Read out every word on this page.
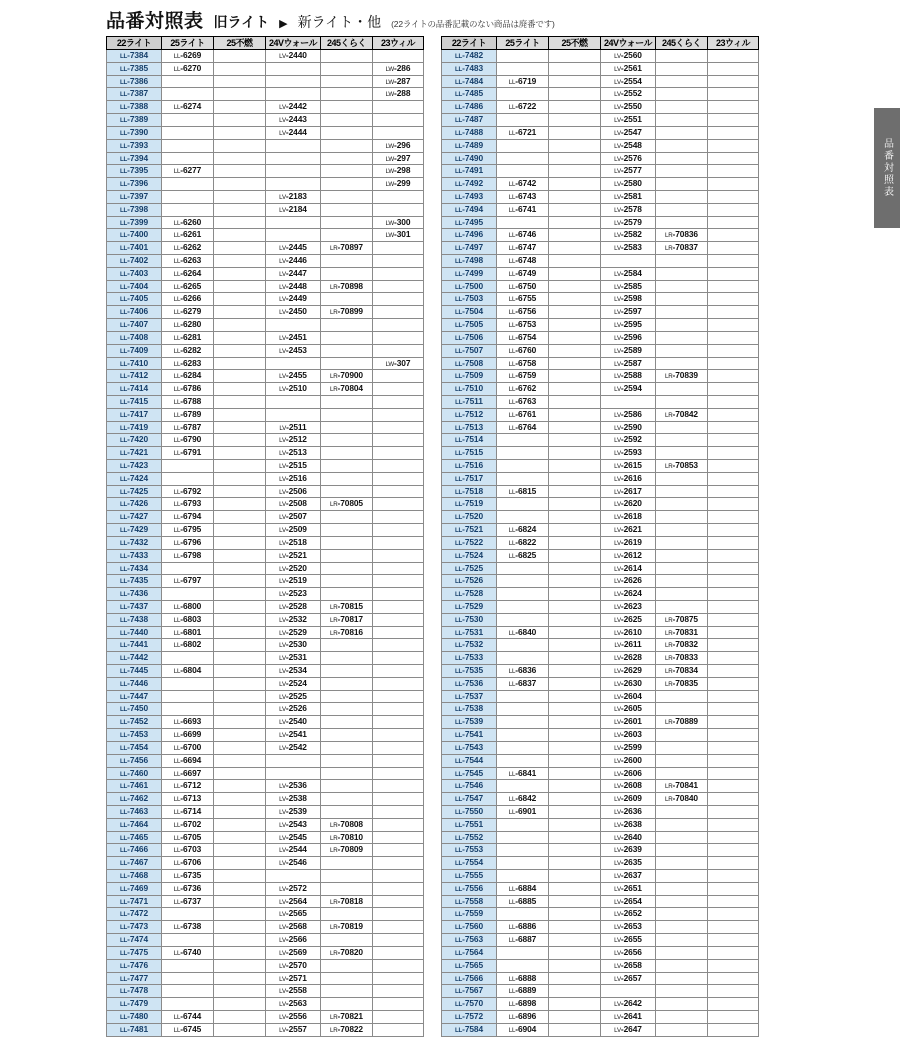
品番対照表 旧ライト ▶ 新ライト・他 (22ライトの品番記載のない商品は廃番です)
22ライト	25ライト	25不燃	24Vウォール	245くらく	23ウィル
LL-7384	LL-6269		LV-2440		
LL-7385	LL-6270				LW-286
LL-7386					LW-287
LL-7387					LW-288
LL-7388	LL-6274		LV-2442		
LL-7389			LV-2443		
LL-7390			LV-2444		
LL-7393					LW-296
LL-7394					LW-297
LL-7395	LL-6277				LW-298
LL-7396					LW-299
LL-7397			LV-2183		
LL-7398			LV-2184		
LL-7399	LL-6260				LW-300
LL-7400	LL-6261				LW-301
LL-7401	LL-6262		LV-2445	LR-70897	
LL-7402	LL-6263		LV-2446		
LL-7403	LL-6264		LV-2447		
LL-7404	LL-6265		LV-2448	LR-70898	
LL-7405	LL-6266		LV-2449		
LL-7406	LL-6279		LV-2450	LR-70899	
LL-7407	LL-6280				
LL-7408	LL-6281		LV-2451		
LL-7409	LL-6282		LV-2453		
LL-7410	LL-6283				LW-307
LL-7412	LL-6284		LV-2455	LR-70900	
LL-7414	LL-6786		LV-2510	LR-70804	
LL-7415	LL-6788				
LL-7417	LL-6789				
LL-7419	LL-6787		LV-2511		
LL-7420	LL-6790		LV-2512		
LL-7421	LL-6791		LV-2513		
LL-7423			LV-2515		
LL-7424			LV-2516		
LL-7425	LL-6792		LV-2506		
LL-7426	LL-6793		LV-2508	LR-70805	
LL-7427	LL-6794		LV-2507		
LL-7429	LL-6795		LV-2509		
LL-7432	LL-6796		LV-2518		
LL-7433	LL-6798		LV-2521		
LL-7434			LV-2520		
LL-7435	LL-6797		LV-2519		
LL-7436			LV-2523		
LL-7437	LL-6800		LV-2528	LR-70815	
LL-7438	LL-6803		LV-2532	LR-70817	
LL-7440	LL-6801		LV-2529	LR-70816	
LL-7441	LL-6802		LV-2530		
LL-7442			LV-2531		
LL-7445	LL-6804		LV-2534		
LL-7446			LV-2524		
LL-7447			LV-2525		
LL-7450			LV-2526		
LL-7452	LL-6693		LV-2540		
LL-7453	LL-6699		LV-2541		
LL-7454	LL-6700		LV-2542		
LL-7456	LL-6694				
LL-7460	LL-6697				
LL-7461	LL-6712		LV-2536		
LL-7462	LL-6713		LV-2538		
LL-7463	LL-6714		LV-2539		
LL-7464	LL-6702		LV-2543	LR-70808	
LL-7465	LL-6705		LV-2545	LR-70810	
LL-7466	LL-6703		LV-2544	LR-70809	
LL-7467	LL-6706		LV-2546		
LL-7468	LL-6735				
LL-7469	LL-6736		LV-2572		
LL-7471	LL-6737		LV-2564	LR-70818	
LL-7472			LV-2565		
LL-7473	LL-6738		LV-2568	LR-70819	
LL-7474			LV-2566		
LL-7475	LL-6740		LV-2569	LR-70820	
LL-7476			LV-2570		
LL-7477			LV-2571		
LL-7478			LV-2558		
LL-7479			LV-2563		
LL-7480	LL-6744		LV-2556	LR-70821	
LL-7481	LL-6745		LV-2557	LR-70822	
22ライト	25ライト	25不燃	24Vウォール	245くらく	23ウィル
LL-7482			LV-2560		
LL-7483			LV-2561		
LL-7484	LL-6719		LV-2554		
LL-7485			LV-2552		
LL-7486	LL-6722		LV-2550		
LL-7487			LV-2551		
LL-7488	LL-6721		LV-2547		
LL-7489			LV-2548		
LL-7490			LV-2576		
LL-7491			LV-2577		
LL-7492	LL-6742		LV-2580		
LL-7493	LL-6743		LV-2581		
LL-7494	LL-6741		LV-2578		
LL-7495			LV-2579		
LL-7496	LL-6746		LV-2582	LR-70836	
LL-7497	LL-6747		LV-2583	LR-70837	
LL-7498	LL-6748				
LL-7499	LL-6749		LV-2584		
LL-7500	LL-6750		LV-2585		
LL-7503	LL-6755		LV-2598		
LL-7504	LL-6756		LV-2597		
LL-7505	LL-6753		LV-2595		
LL-7506	LL-6754		LV-2596		
LL-7507	LL-6760		LV-2589		
LL-7508	LL-6758		LV-2587		
LL-7509	LL-6759		LV-2588	LR-70839	
LL-7510	LL-6762		LV-2594		
LL-7511	LL-6763				
LL-7512	LL-6761		LV-2586	LR-70842	
LL-7513	LL-6764		LV-2590		
LL-7514			LV-2592		
LL-7515			LV-2593		
LL-7516			LV-2615	LR-70853	
LL-7517			LV-2616		
LL-7518	LL-6815		LV-2617		
LL-7519			LV-2620		
LL-7520			LV-2618		
LL-7521	LL-6824		LV-2621		
LL-7522	LL-6822		LV-2619		
LL-7524	LL-6825		LV-2612		
LL-7525			LV-2614		
LL-7526			LV-2626		
LL-7528			LV-2624		
LL-7529			LV-2623		
LL-7530			LV-2625	LR-70875	
LL-7531	LL-6840		LV-2610	LR-70831	
LL-7532			LV-2611	LR-70832	
LL-7533			LV-2628	LR-70833	
LL-7535	LL-6836		LV-2629	LR-70834	
LL-7536	LL-6837		LV-2630	LR-70835	
LL-7537			LV-2604		
LL-7538			LV-2605		
LL-7539			LV-2601	LR-70889	
LL-7541			LV-2603		
LL-7543			LV-2599		
LL-7544			LV-2600		
LL-7545	LL-6841		LV-2606		
LL-7546			LV-2608	LR-70841	
LL-7547	LL-6842		LV-2609	LR-70840	
LL-7550	LL-6901		LV-2636		
LL-7551			LV-2638		
LL-7552			LV-2640		
LL-7553			LV-2639		
LL-7554			LV-2635		
LL-7555			LV-2637		
LL-7556	LL-6884		LV-2651		
LL-7558	LL-6885		LV-2654		
LL-7559			LV-2652		
LL-7560	LL-6886		LV-2653		
LL-7563	LL-6887		LV-2655		
LL-7564			LV-2656		
LL-7565			LV-2658		
LL-7566	LL-6888		LV-2657		
LL-7567	LL-6889				
LL-7570	LL-6898		LV-2642		
LL-7572	LL-6896		LV-2641		
LL-7584	LL-6904		LV-2647		
品番対照表
